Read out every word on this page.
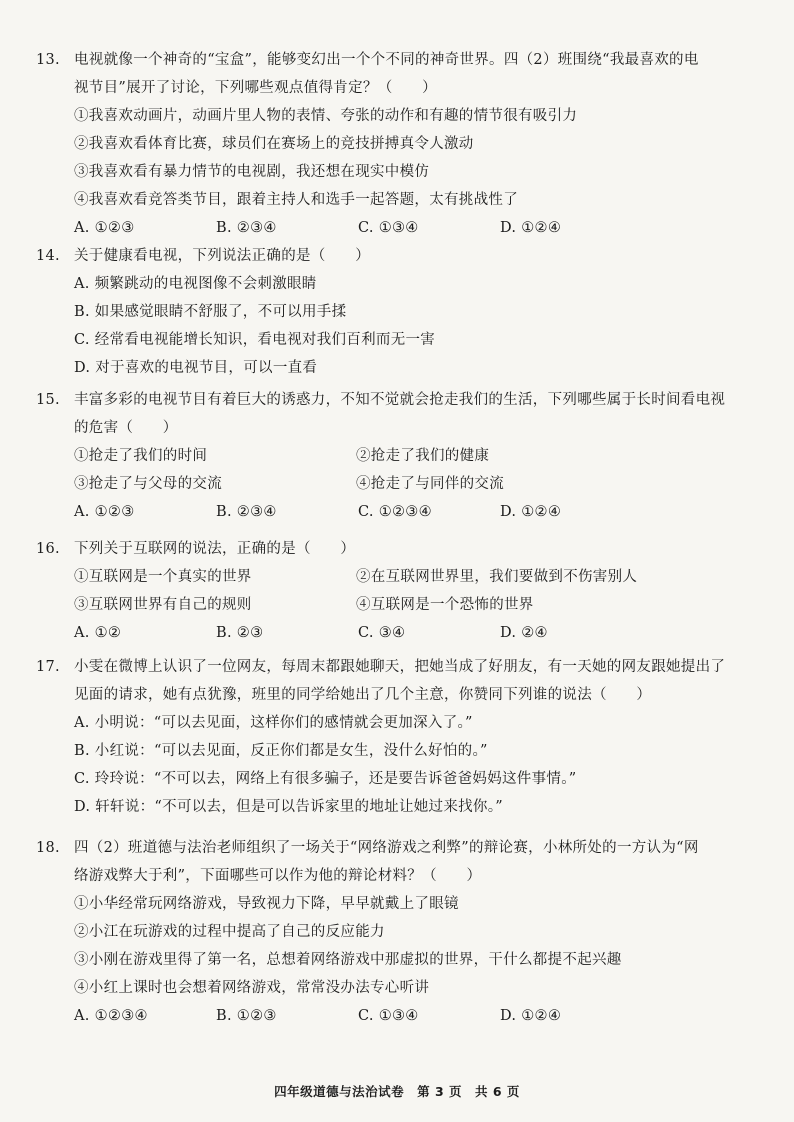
13. 电视就像一个神奇的“宝盒”，能够变幻出一个个不同的神奇世界。四（2）班围绕“我最喜欢的电
视节目”展开了讨论，下列哪些观点值得肯定？（　　）
①我喜欢动画片，动画片里人物的表情、夸张的动作和有趣的情节很有吸引力
②我喜欢看体育比赛，球员们在赛场上的竞技拼搏真令人激动
③我喜欢看有暴力情节的电视剧，我还想在现实中模仿
④我喜欢看竞答类节目，跟着主持人和选手一起答题，太有挑战性了
A. ①②③	B. ②③④	C. ①③④	D. ①②④
14. 关于健康看电视，下列说法正确的是（　　）
A. 频繁跳动的电视图像不会刺激眼睛
B. 如果感觉眼睛不舒服了，不可以用手揉
C. 经常看电视能增长知识，看电视对我们百利而无一害
D. 对于喜欢的电视节目，可以一直看
15. 丰富多彩的电视节目有着巨大的诱惑力，不知不觉就会抢走我们的生活，下列哪些属于长时间看电视
的危害（　　）
①抢走了我们的时间	②抢走了我们的健康
③抢走了与父母的交流	④抢走了与同伴的交流
A. ①②③	B. ②③④	C. ①②③④	D. ①②④
16. 下列关于互联网的说法，正确的是（　　）
①互联网是一个真实的世界	②在互联网世界里，我们要做到不伤害别人
③互联网世界有自己的规则	④互联网是一个恐怖的世界
A. ①②	B. ②③	C. ③④	D. ②④
17. 小雯在微博上认识了一位网友，每周末都跟她聊天，把她当成了好朋友，有一天她的网友跟她提出了
见面的请求，她有点犹豫，班里的同学给她出了几个主意，你赞同下列谁的说法（　　）
A. 小明说：“可以去见面，这样你们的感情就会更加深入了。”
B. 小红说：“可以去见面，反正你们都是女生，没什么好怕的。”
C. 玲玲说：“不可以去，网络上有很多骗子，还是要告诉爸爸妈妈这件事情。”
D. 轩轩说：“不可以去，但是可以告诉家里的地址让她过来找你。”
18. 四（2）班道德与法治老师组织了一场关于“网络游戏之利弊”的辩论赛，小林所处的一方认为“网
络游戏弊大于利”，下面哪些可以作为他的辩论材料？（　　）
①小华经常玩网络游戏，导致视力下降，早早就戴上了眼镜
②小江在玩游戏的过程中提高了自己的反应能力
③小刚在游戏里得了第一名，总想着网络游戏中那虚拟的世界，干什么都提不起兴趣
④小红上课时也会想着网络游戏，常常没办法专心听讲
A. ①②③④	B. ①②③	C. ①③④	D. ①②④
四年级道德与法治试卷　第 3 页　共 6 页
